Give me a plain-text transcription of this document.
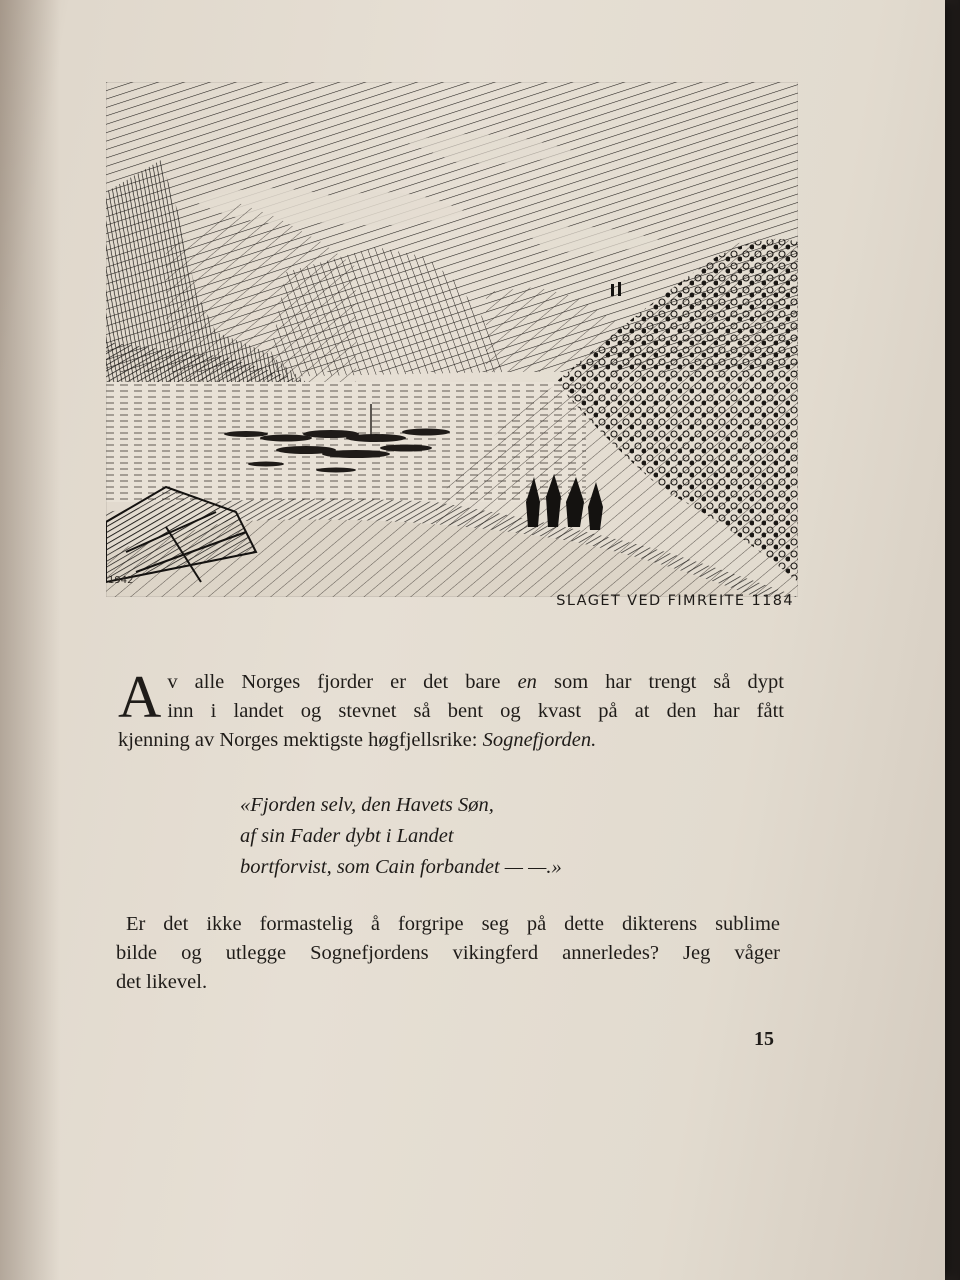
1942
SLAGET VED FIMREITE 1184
A v alle Norges fjorder er det bare en som har trengt så dypt
inn i landet og stevnet så bent og kvast på at den har fått
kjenning av Norges mektigste høgfjellsrike: Sognefjorden.
«Fjorden selv, den Havets Søn,
af sin Fader dybt i Landet
bortforvist, som Cain forbandet — —.»
Er det ikke formastelig å forgripe seg på dette dikterens sublime
bilde og utlegge Sognefjordens vikingferd annerledes? Jeg våger
det likevel.
15
